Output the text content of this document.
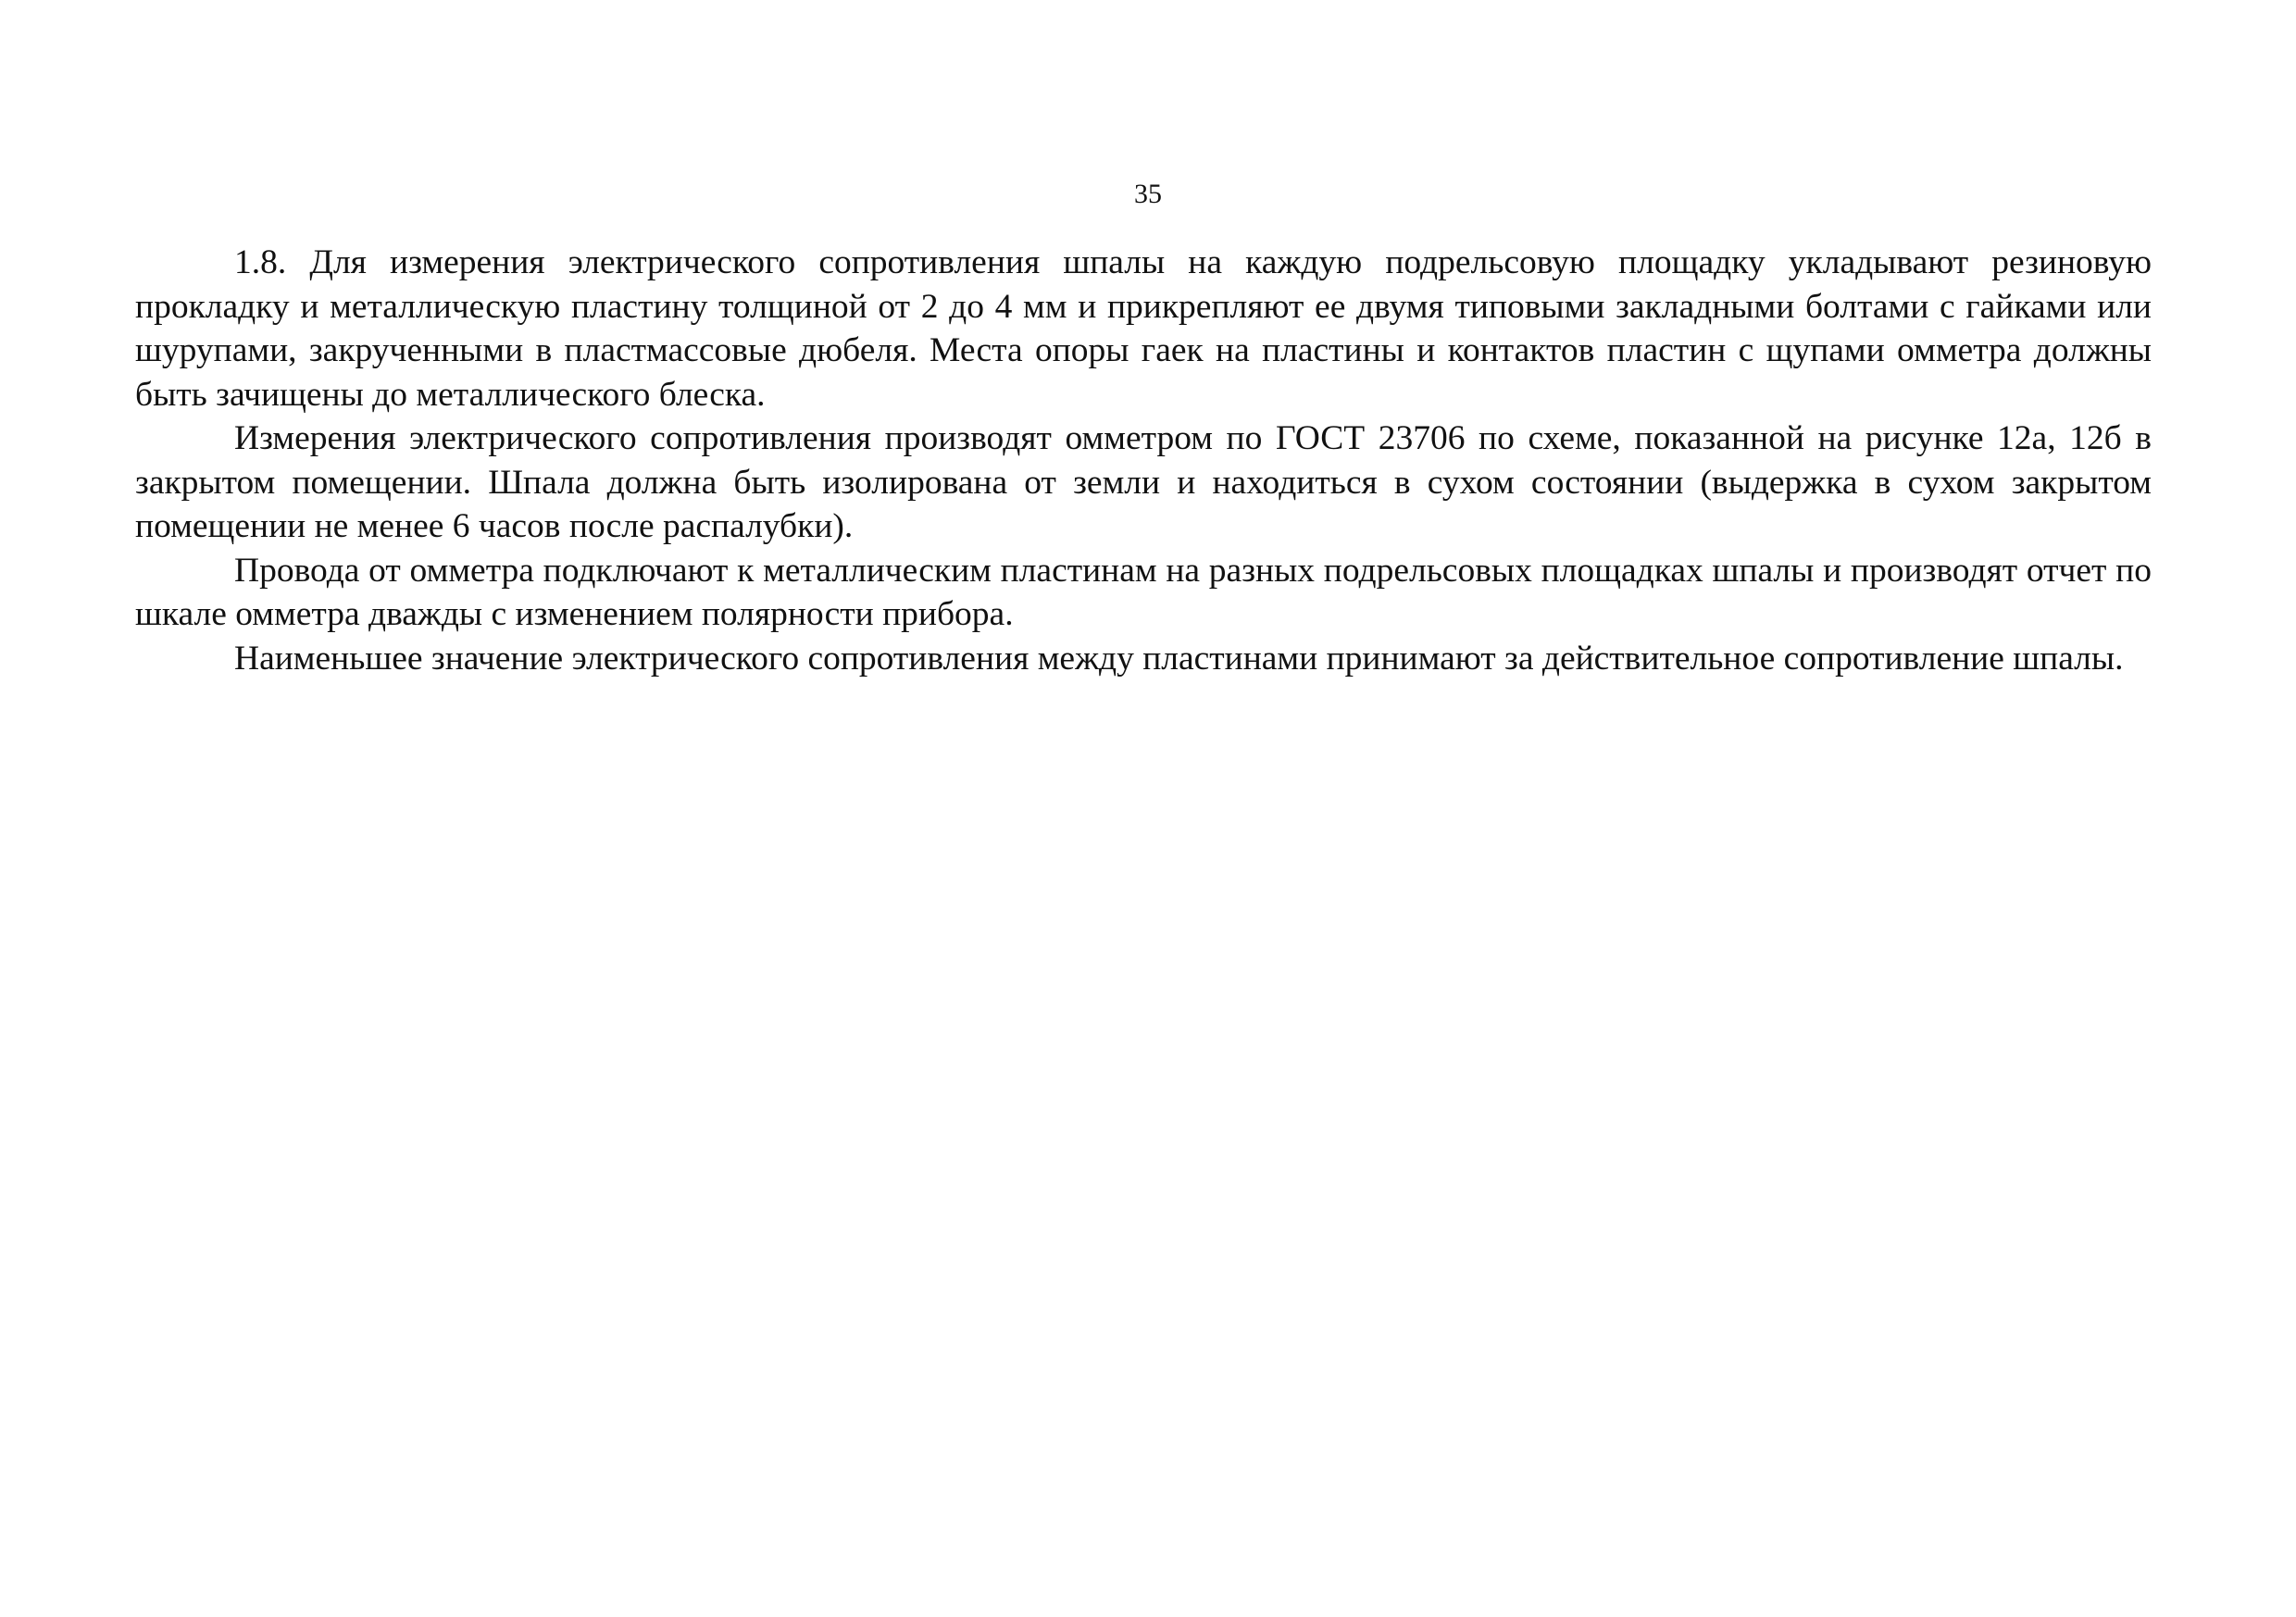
35

1.8. Для измерения электрического сопротивления шпалы на каждую подрельсовую площадку укладывают резиновую прокладку и металлическую пластину толщиной от 2 до 4 мм и прикрепляют ее двумя типовыми закладными болтами с гайками или шурупами, закрученными в пластмассовые дюбеля. Места опоры гаек на пластины и контактов пластин с щупами омметра должны быть зачищены до металлического блеска.

Измерения электрического сопротивления производят омметром по ГОСТ 23706 по схеме, показанной на рисунке 12а, 12б в закрытом помещении. Шпала должна быть изолирована от земли и находиться в сухом состоянии (выдержка в сухом закрытом помещении не менее 6 часов после распалубки).

Провода от омметра подключают к металлическим пластинам на разных подрельсовых площадках шпалы и производят отчет по шкале омметра дважды с изменением полярности прибора.

Наименьшее значение электрического сопротивления между пластинами принимают за действительное сопротивление шпалы.
